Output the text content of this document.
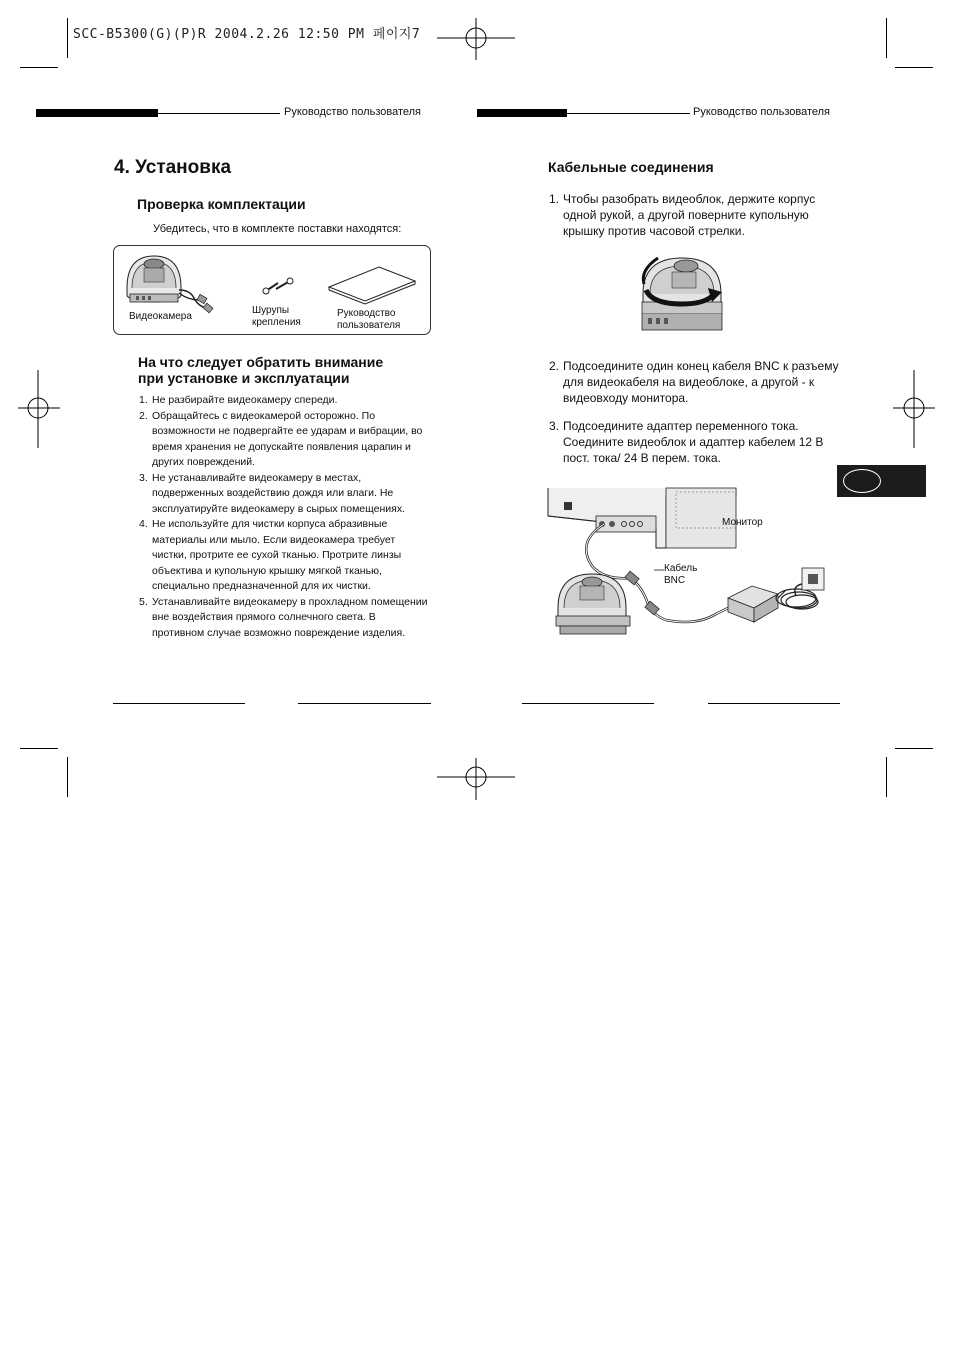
SCC-B5300(G)(P)R 2004.2.26 12:50 PM 페이지7
Руководство пользователя	Руководство пользователя
4. Установка
Проверка комплектации
Убедитесь, что в комплекте поставки находятся:
Видеокамера
Шурупы крепления
Руководство пользователя
На что следует обратить внимание
при установке и эксплуатации
1. Не разбирайте видеокамеру спереди.
2. Обращайтесь с видеокамерой осторожно. По возможности не подвергайте ее ударам и вибрации, во время хранения не допускайте появления царапин и других повреждений.
3. Не устанавливайте видеокамеру в местах, подверженных воздействию дождя или влаги. Не эксплуатируйте видеокамеру в сырых помещениях.
4. Не используйте для чистки корпуса абразивные материалы или мыло. Если видеокамера требует чистки, протрите ее сухой тканью. Протрите линзы объектива и купольную крышку мягкой тканью, специально предназначенной для их чистки.
5. Устанавливайте видеокамеру в прохладном помещении вне воздействия прямого солнечного света. В противном случае возможно повреждение изделия.
Кабельные соединения
1. Чтобы разобрать видеоблок, держите корпус одной рукой, а другой поверните купольную крышку против часовой стрелки.
2. Подсоедините один конец кабеля BNC к разъему для видеокабеля на видеоблоке, а другой - к видеовходу монитора.
3. Подсоедините адаптер переменного тока. Соедините видеоблок и адаптер кабелем 12 В пост. тока/ 24 В перем. тока.
Монитор
Кабель
BNC
